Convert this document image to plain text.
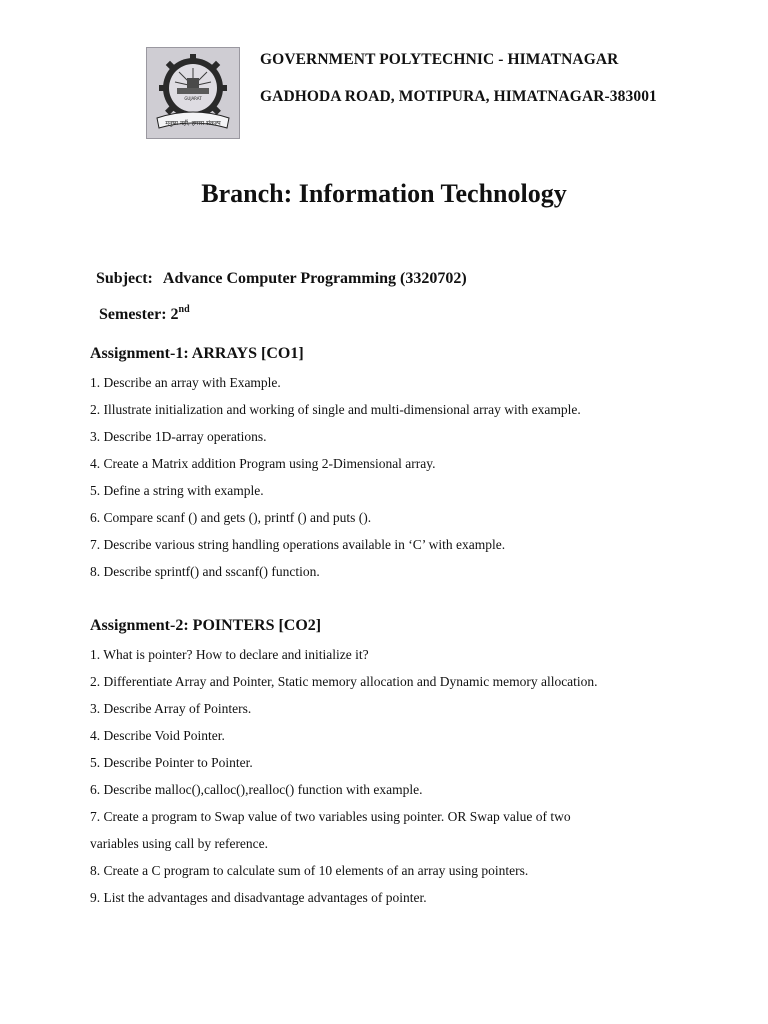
मनुष्य नहीं, हमारा संकल्प
GUJARAT
GOVERNMENT POLYTECHNIC - HIMATNAGAR
GADHODA ROAD, MOTIPURA, HIMATNAGAR-383001
Branch: Information Technology
Subject: Advance Computer Programming (3320702)
Semester: 2nd
Assignment-1: ARRAYS [CO1]
1. Describe an array with Example.
2. Illustrate initialization and working of single and multi-dimensional array with example.
3. Describe 1D-array operations.
4. Create a Matrix addition Program using 2-Dimensional array.
5. Define a string with example.
6. Compare scanf () and gets (), printf () and puts ().
7. Describe various string handling operations available in ‘C’ with example.
8. Describe sprintf() and sscanf() function.
Assignment-2: POINTERS [CO2]
1. What is pointer? How to declare and initialize it?
2. Differentiate Array and Pointer, Static memory allocation and Dynamic memory allocation.
3. Describe Array of Pointers.
4. Describe Void Pointer.
5. Describe Pointer to Pointer.
6. Describe malloc(),calloc(),realloc() function with example.
7. Create a program to Swap value of two variables using pointer. OR Swap value of two
variables using call by reference.
8. Create a C program to calculate sum of 10 elements of an array using pointers.
9. List the advantages and disadvantage advantages of pointer.
